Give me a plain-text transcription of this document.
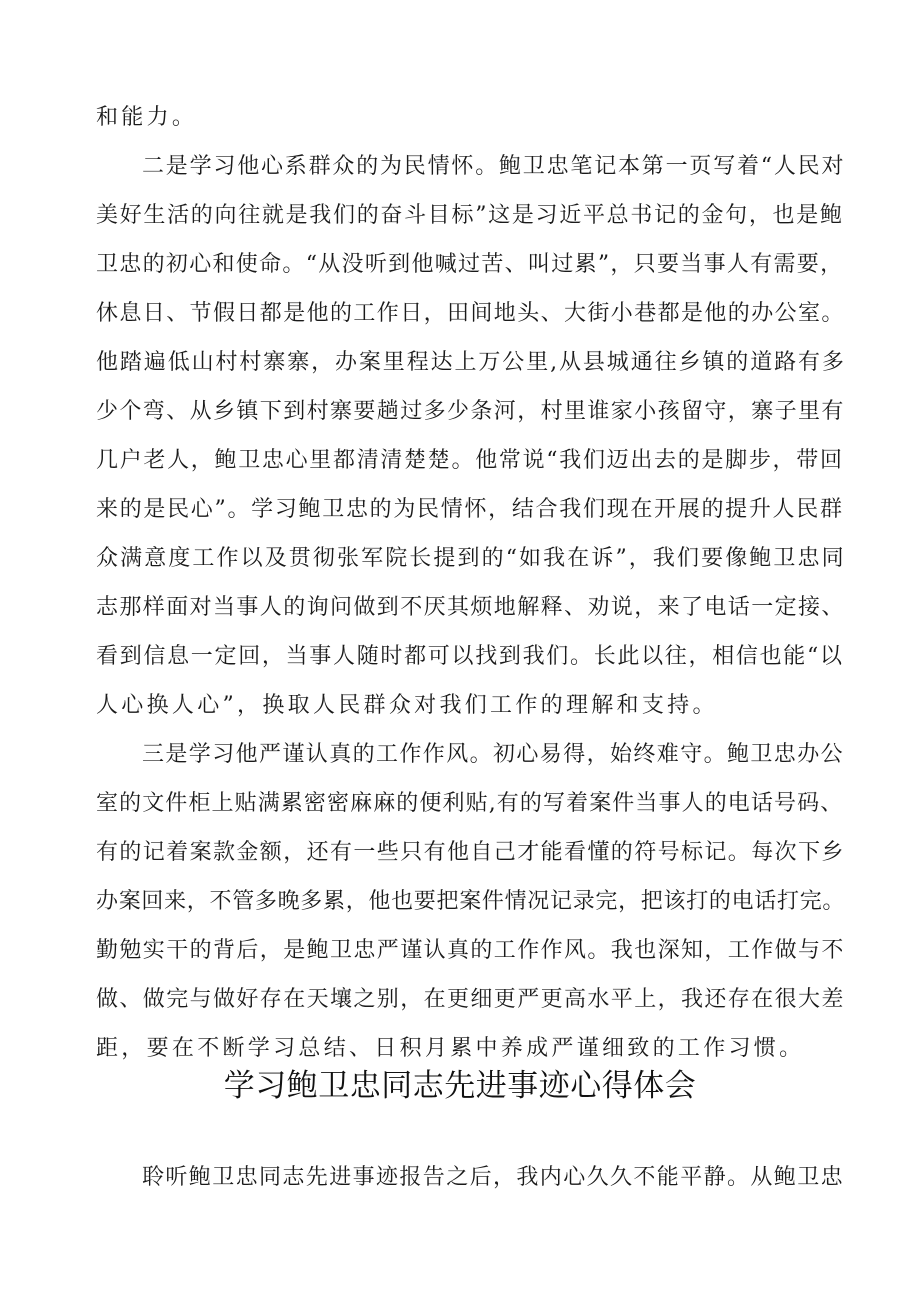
和能力。
二是学习他心系群众的为民情怀。鲍卫忠笔记本第一页写着“人民对
美好生活的向往就是我们的奋斗目标”这是习近平总书记的金句，也是鲍
卫忠的初心和使命。“从没听到他喊过苦、叫过累”，只要当事人有需要，
休息日、节假日都是他的工作日，田间地头、大街小巷都是他的办公室。
他踏遍低山村村寨寨，办案里程达上万公里,从县城通往乡镇的道路有多
少个弯、从乡镇下到村寨要趟过多少条河，村里谁家小孩留守，寨子里有
几户老人，鲍卫忠心里都清清楚楚。他常说“我们迈出去的是脚步，带回
来的是民心”。学习鲍卫忠的为民情怀，结合我们现在开展的提升人民群
众满意度工作以及贯彻张军院长提到的“如我在诉”，我们要像鲍卫忠同
志那样面对当事人的询问做到不厌其烦地解释、劝说，来了电话一定接、
看到信息一定回，当事人随时都可以找到我们。长此以往，相信也能“以
人心换人心”，换取人民群众对我们工作的理解和支持。
三是学习他严谨认真的工作作风。初心易得，始终难守。鲍卫忠办公
室的文件柜上贴满累密密麻麻的便利贴,有的写着案件当事人的电话号码、
有的记着案款金额，还有一些只有他自己才能看懂的符号标记。每次下乡
办案回来，不管多晚多累，他也要把案件情况记录完，把该打的电话打完。
勤勉实干的背后，是鲍卫忠严谨认真的工作作风。我也深知，工作做与不
做、做完与做好存在天壤之别，在更细更严更高水平上，我还存在很大差
距，要在不断学习总结、日积月累中养成严谨细致的工作习惯。
学习鲍卫忠同志先进事迹心得体会
聆听鲍卫忠同志先进事迹报告之后，我内心久久不能平静。从鲍卫忠
